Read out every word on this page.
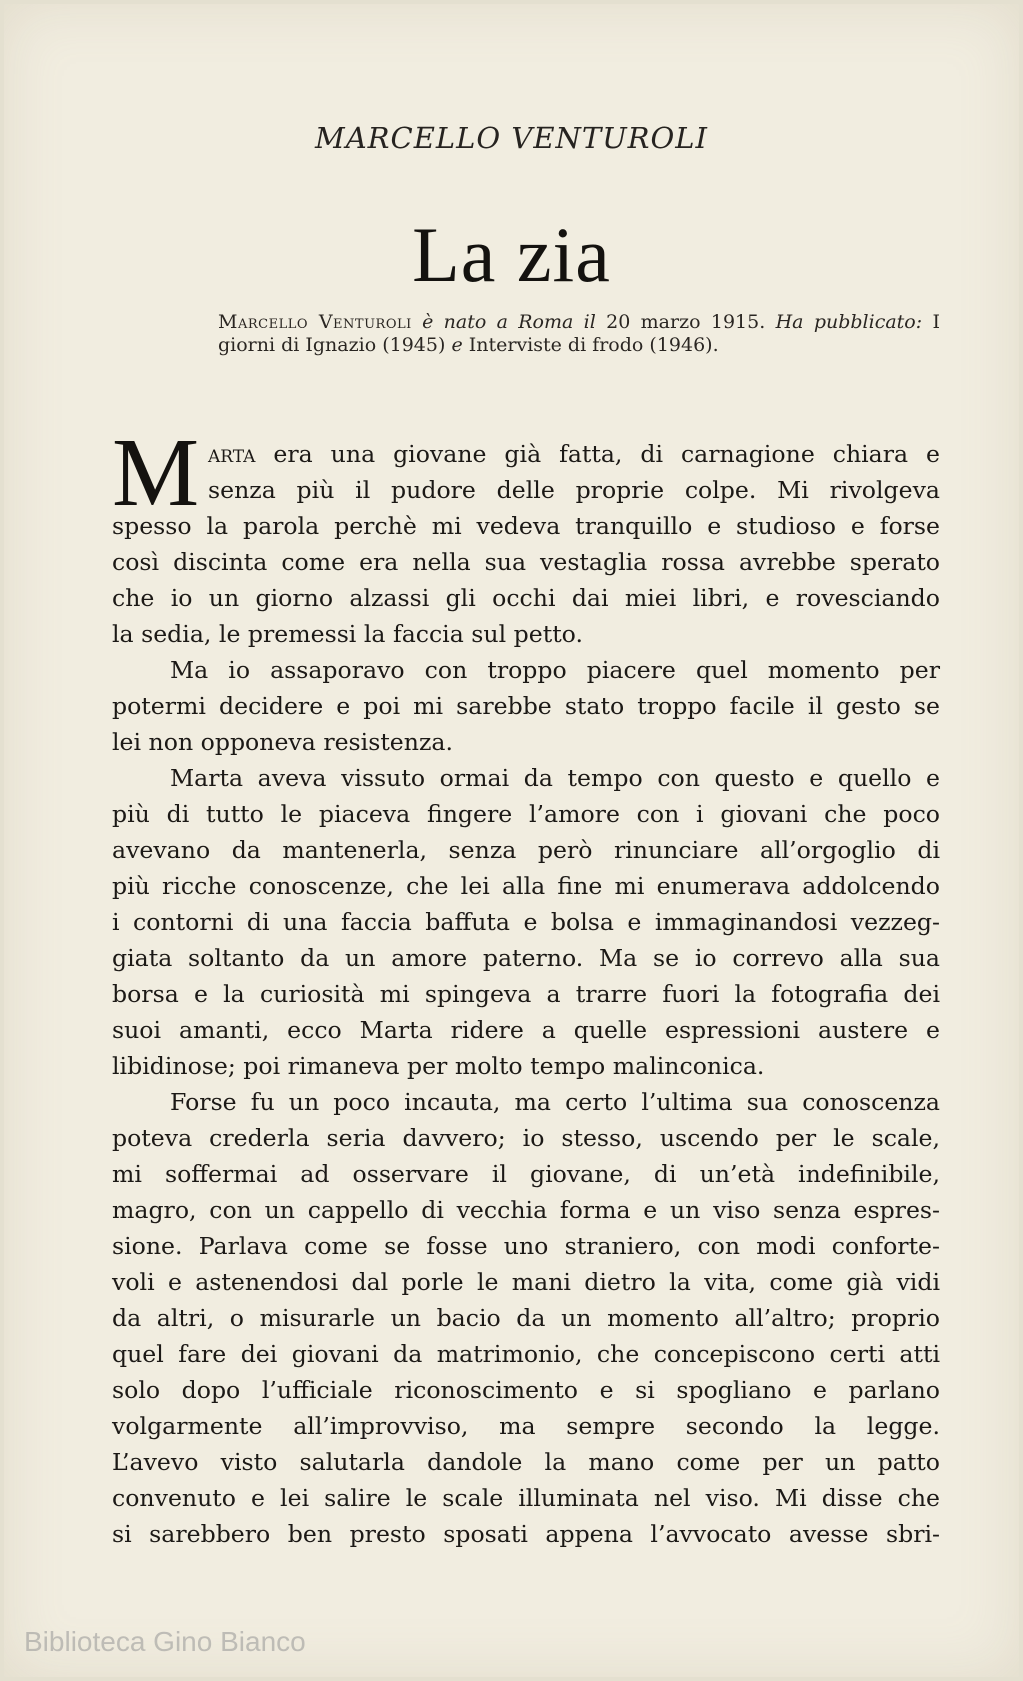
MARCELLO VENTUROLI
La zia
Marcello Venturoli è nato a Roma il 20 marzo 1915. Ha pubblicato: I giorni di Ignazio (1945) e Interviste di frodo (1946).
M arta era una giovane già fatta, di carnagione chiara e
senza più il pudore delle proprie colpe. Mi rivolgeva
spesso la parola perchè mi vedeva tranquillo e studioso e forse
così discinta come era nella sua vestaglia rossa avrebbe sperato
che io un giorno alzassi gli occhi dai miei libri, e rovesciando
la sedia, le premessi la faccia sul petto.
Ma io assaporavo con troppo piacere quel momento per
potermi decidere e poi mi sarebbe stato troppo facile il gesto se
lei non opponeva resistenza.
Marta aveva vissuto ormai da tempo con questo e quello e
più di tutto le piaceva fingere l’amore con i giovani che poco
avevano da mantenerla, senza però rinunciare all’orgoglio di
più ricche conoscenze, che lei alla fine mi enumerava addolcendo
i contorni di una faccia baffuta e bolsa e immaginandosi vezzeg-
giata soltanto da un amore paterno. Ma se io correvo alla sua
borsa e la curiosità mi spingeva a trarre fuori la fotografia dei
suoi amanti, ecco Marta ridere a quelle espressioni austere e
libidinose; poi rimaneva per molto tempo malinconica.
Forse fu un poco incauta, ma certo l’ultima sua conoscenza
poteva crederla seria davvero; io stesso, uscendo per le scale,
mi soffermai ad osservare il giovane, di un’età indefinibile,
magro, con un cappello di vecchia forma e un viso senza espres-
sione. Parlava come se fosse uno straniero, con modi conforte-
voli e astenendosi dal porle le mani dietro la vita, come già vidi
da altri, o misurarle un bacio da un momento all’altro; proprio
quel fare dei giovani da matrimonio, che concepiscono certi atti
solo dopo l’ufficiale riconoscimento e si spogliano e parlano
volgarmente all’improvviso, ma sempre secondo la legge.
L’avevo visto salutarla dandole la mano come per un patto
convenuto e lei salire le scale illuminata nel viso. Mi disse che
si sarebbero ben presto sposati appena l’avvocato avesse sbri-
Biblioteca Gino Bianco
